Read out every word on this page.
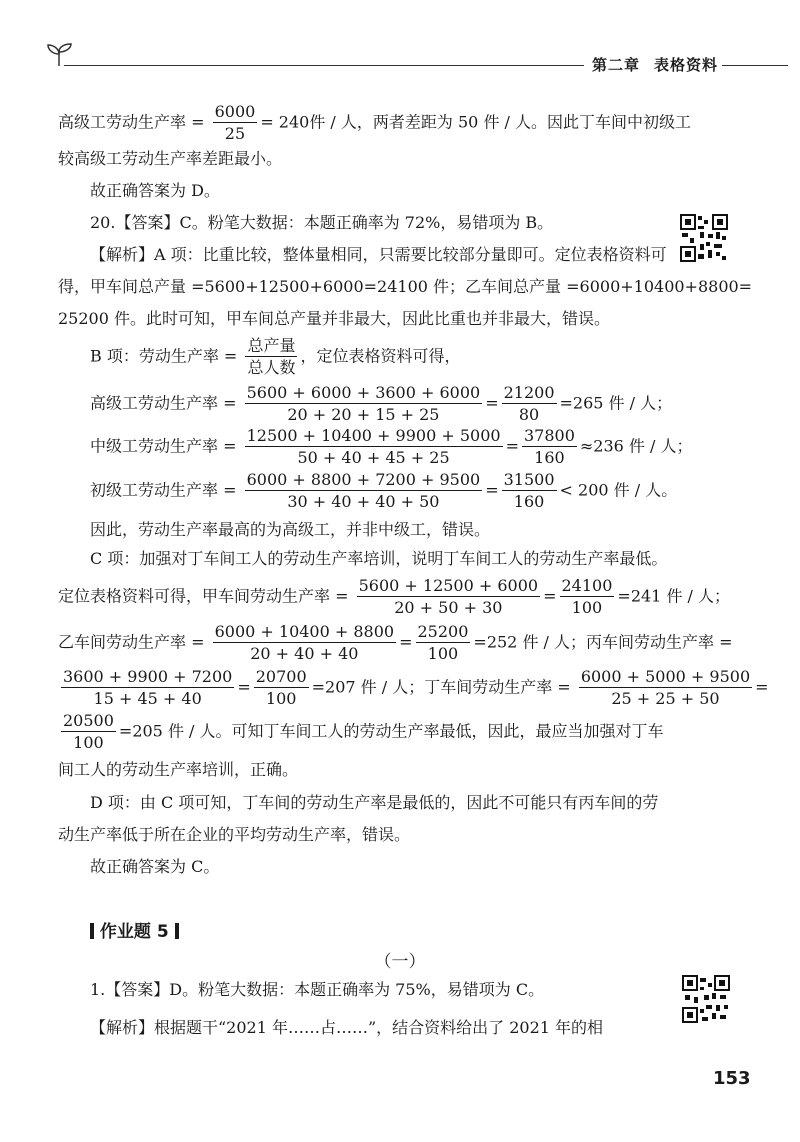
第二章 表格资料
高级工劳动生产率 = $\frac{6000}{25} = 240$件 / 人，两者差距为 50 件 / 人。因此丁车间中初级工
较高级工劳动生产率差距最小。
故正确答案为 D。
20.【答案】C。粉笔大数据：本题正确率为 72%，易错项为 B。
【解析】A 项：比重比较，整体量相同，只需要比较部分量即可。定位表格资料可
得，甲车间总产量 =5600+12500+6000=24100 件；乙车间总产量 =6000+10400+8800=
25200 件。此时可知，甲车间总产量并非最大，因此比重也并非最大，错误。
B 项：劳动生产率 = $\frac{\text{总产量}}{\text{总人数}}$ ，定位表格资料可得，
高级工劳动生产率 = $\frac{5600 + 6000 + 3600 + 6000}{20 + 20 + 15 + 25} = \frac{21200}{80} =265$ 件 / 人；
中级工劳动生产率 = $\frac{12500 + 10400 + 9900 + 5000}{50 + 40 + 45 + 25} = \frac{37800}{160} \approx 236$ 件 / 人；
初级工劳动生产率 = $\frac{6000 + 8800 + 7200 + 9500}{30 + 40 + 40 + 50} = \frac{31500}{160} < 200$ 件 / 人。
因此，劳动生产率最高的为高级工，并非中级工，错误。
C 项：加强对丁车间工人的劳动生产率培训，说明丁车间工人的劳动生产率最低。
定位表格资料可得，甲车间劳动生产率 = $\frac{5600 + 12500 + 6000}{20 + 50 + 30} = \frac{24100}{100} =241$ 件 / 人；
乙车间劳动生产率 = $\frac{6000 + 10400 + 8800}{20 + 40 + 40} = \frac{25200}{100} =252$ 件 / 人；丙车间劳动生产率 =
$\frac{3600 + 9900 + 7200}{15 + 45 + 40} = \frac{20700}{100} =207$ 件 / 人；丁车间劳动生产率 = $\frac{6000 + 5000 + 9500}{25 + 25 + 50}$ =
$\frac{20500}{100} =205$ 件 / 人。可知丁车间工人的劳动生产率最低，因此，最应当加强对丁车
间工人的劳动生产率培训，正确。
D 项：由 C 项可知，丁车间的劳动生产率是最低的，因此不可能只有丙车间的劳
动生产率低于所在企业的平均劳动生产率，错误。
故正确答案为 C。
作业题 5
（一）
1.【答案】D。粉笔大数据：本题正确率为 75%，易错项为 C。
【解析】根据题干“2021 年……占……”，结合资料给出了 2021 年的相
153
